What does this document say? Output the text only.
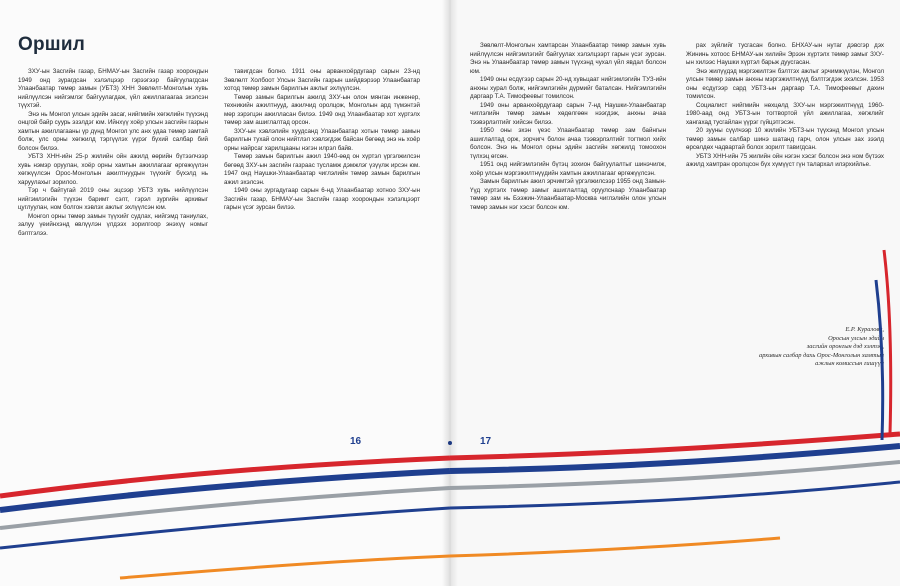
Оршил

ЗХУ-ын Засгийн газар, БНМАУ-ын Засгийн газар хоорондын 1949 онд зурагдсан хэлэлцээр гэрээгээр байгуулагдсан Улаанбаатар төмөр замын (УБТЗ) ХНН Зөвлөлт-Монголын хувь нийлүүлсэн нийгэмлэг байгуулагдаж, үйл ажиллагаагаа эхэлсэн түүхтэй.

Энэ нь Монгол улсын эдийн засаг, нийгмийн хөгжлийн түүхэнд онцгой байр суурь эзэлдэг юм. Ийнхүү хоёр улсын засгийн газрын хамтын ажиллагааны үр дүнд Монгол улс анх удаа төмөр замтай болж, улс орны хөгжилд тэргүүлэх үүрэг бүхий салбар бий болсон билээ.

УБТЗ ХНН-ийн 25-р жилийн ойн ажилд өөрийн бүтээлчээр хувь нэмэр оруулан, хоёр орны хамтын ажиллагааг өргөжүүлэн хөгжүүлсэн Орос-Монголын ажилтнуудын түүхийг бүхэлд нь харуулахыг зорилоо.

Тэр ч байтугай 2019 оны эцсээр УБТЗ хувь нийлүүлсэн нийгэмлэгийн түүхэн баримт сэлт, гэрэл зургийн архивыг цуглуулан, ном болгон хэвлэх ажлыг эхлүүлсэн юм.

Монгол орны төмөр замын түүхийг судлах, нийгэмд таниулах, залуу үеийнхэнд өвлүүлэн үлдээх зорилгоор энэхүү номыг бэлтгэлээ.

тавигдсан болно. 1911 оны арванхоёрдугаар сарын 23-нд Зөвлөлт Холбоот Улсын Засгийн газрын шийдвэрээр Улаанбаатар хотод төмөр замын барилгын ажлыг эхлүүлсэн.

Төмөр замын барилгын ажилд ЗХУ-ын олон мянган инженер, техникийн ажилтнууд, ажилчид оролцож, Монголын ард түмэнтэй мөр зэрэгцэн ажилласан билээ. 1949 онд Улаанбаатар хот хүртэлх төмөр зам ашиглалтад орсон.

ЗХУ-ын хэвлэлийн хуудсанд Улаанбаатар хотын төмөр замын барилгын тухай олон нийтлэл хэвлэгдэж байсан бөгөөд энэ нь хоёр орны найрсаг харилцааны нэгэн илрэл байв.

Төмөр замын барилгын ажил 1940-өөд он хүртэл үргэлжилсэн бөгөөд ЗХУ-ын засгийн газраас тусламж дэмжлэг үзүүлж ирсэн юм. 1947 онд Наушки-Улаанбаатар чиглэлийн төмөр замын барилгын ажил эхэлсэн.

1949 оны зургадугаар сарын 6-нд Улаанбаатар хотноо ЗХУ-ын Засгийн газар, БНМАУ-ын Засгийн газар хоорондын хэлэлцээрт гарын үсэг зурсан билээ.

16

Зөвлөлт-Монголын хамтарсан Улаанбаатар төмөр замын хувь нийлүүлсэн нийгэмлэгийг байгуулах хэлэлцээрт гарын үсэг зурсан. Энэ нь Улаанбаатар төмөр замын түүхэнд чухал үйл явдал болсон юм.

1949 оны есдүгээр сарын 20-нд хувьцаат нийгэмлэгийн ТУЗ-ийн анхны хурал болж, нийгэмлэгийн дүрмийг баталсан. Нийгэмлэгийн даргаар Т.А. Тимофеевыг томилсон.

1949 оны арванхоёрдугаар сарын 7-нд Наушки-Улаанбаатар чиглэлийн төмөр замын хөдөлгөөн нээгдэж, анхны ачаа тээвэрлэлтийг хийсэн билээ.

1950 оны эхэн үеэс Улаанбаатар төмөр зам байнгын ашиглалтад орж, зорчигч болон ачаа тээвэрлэлтийг тогтмол хийх болсон. Энэ нь Монгол орны эдийн засгийн хөгжилд томоохон түлхэц өгсөн.

1951 онд нийгэмлэгийн бүтэц зохион байгуулалтыг шинэчилж, хоёр улсын мэргэжилтнүүдийн хамтын ажиллагааг өргөжүүлсэн.

Замын барилгын ажил эрчимтэй үргэлжилсээр 1955 онд Замын-Үүд хүртэлх төмөр замыг ашиглалтад оруулснаар Улаанбаатар төмөр зам нь Бээжин-Улаанбаатар-Москва чиглэлийн олон улсын төмөр замын нэг хэсэг болсон юм.

рах зүйлийг тусгасан болно. БНХАУ-ын нутаг дэвсгэр дэх Жининь хотоос БНМАУ-ын хилийн Эрээн хүртэлх төмөр замыг ЗХУ-ын хилээс Наушки хүртэл барьж дуусгасан.

Энэ жилүүдэд мэргэжилтэн бэлтгэх ажлыг эрчимжүүлэн, Монгол улсын төмөр замын анхны мэргэжилтнүүд бэлтгэгдэж эхэлсэн. 1953 оны есдүгээр сард УБТЗ-ын даргаар Т.А. Тимофеевыг дахин томилсон.

Социалист нийгмийн нөхцөлд ЗХУ-ын мэргэжилтнүүд 1960-1980-аад онд УБТЗ-ын тогтвортой үйл ажиллагаа, хөгжлийг хангахад тусгайлан үүрэг гүйцэтгэсэн.

20 зууны сүүлчээр 10 жилийн УБТЗ-ын түүхэнд Монгол улсын төмөр замын салбар шинэ шатанд гарч, олон улсын зах зээлд өрсөлдөх чадвартай болох зорилт тавигдсан.

УБТЗ ХНН-ийн 75 жилийн ойн нэгэн хэсэг болсон энэ ном бүтээх ажилд хамтран оролцсон бүх хүмүүст гүн талархал илэрхийлье.

Е.Р. Куралова,
Оросын улсын эдийн
засгийн оронгын дэд хэлтэс,
архивын салбар дахь Орос-Монголын хамтын
ажлын комиссын гишүүн
17
